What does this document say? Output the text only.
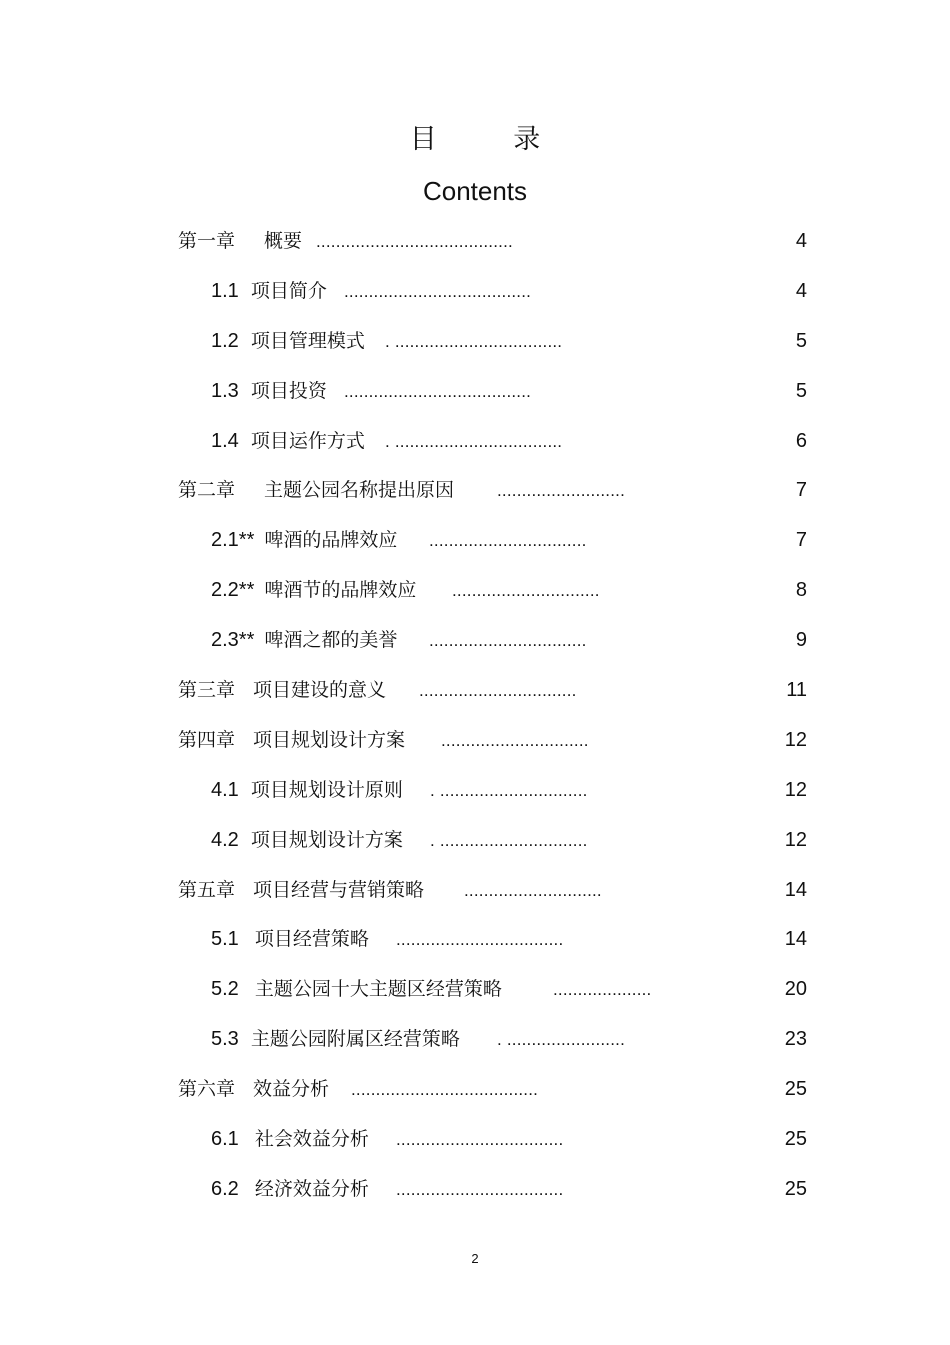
目 录
Contents
第一章 概要 ........................................	4
1.1 项目简介 ......................................	4
1.2 项目管理模式 . ..................................	5
1.3 项目投资 ......................................	5
1.4 项目运作方式 . ..................................	6
第二章 主题公园名称提出原因	..........................	7
2.1** 啤酒的品牌效应 ................................	7
2.2** 啤酒节的品牌效应 ..............................	8
2.3** 啤酒之都的美誉 ................................	9
第三章 项目建设的意义 ................................	11
第四章 项目规划设计方案 ..............................	12
4.1 项目规划设计原则 . ..............................	12
4.2 项目规划设计方案 . ..............................	12
第五章 项目经营与营销策略 ............................	14
5.1 项目经营策略 ..................................	14
5.2 主题公园十大主题区经营策略	....................	20
5.3 主题公园附属区经营策略 . ........................	23
第六章 效益分析 ......................................	25
6.1 社会效益分析 ..................................	25
6.2 经济效益分析 ..................................	25
2
